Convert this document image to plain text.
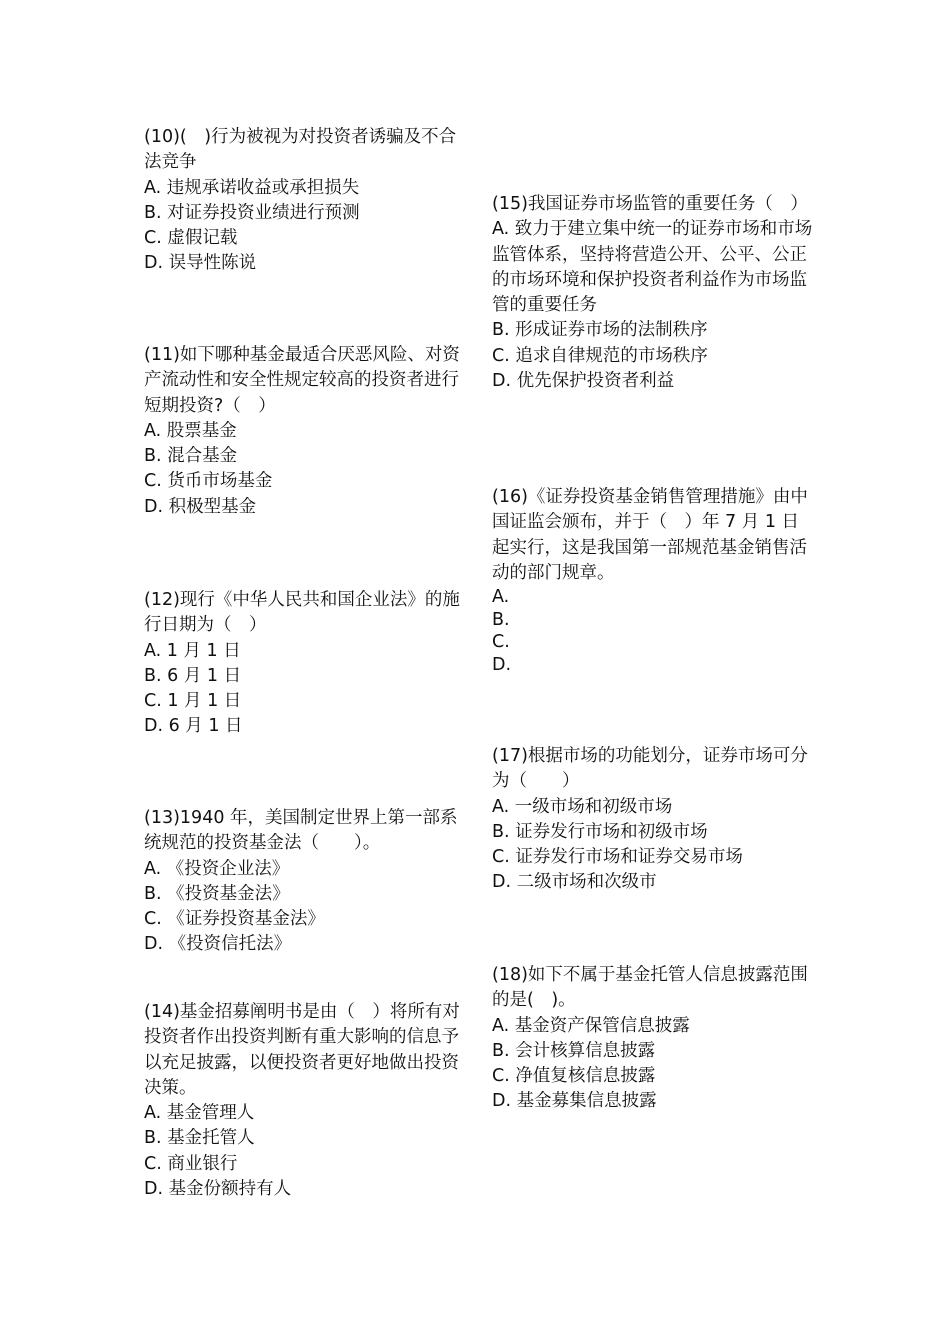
(10)(　)行为被视为对投资者诱骗及不合法竞争

A. 违规承诺收益或承担损失

B. 对证券投资业绩进行预测

C. 虚假记载

D. 误导性陈说

(11)如下哪种基金最适合厌恶风险、对资产流动性和安全性规定较高的投资者进行短期投资?（　）

A. 股票基金

B. 混合基金

C. 货币市场基金

D. 积极型基金

(12)现行《中华人民共和国企业法》的施行日期为（　）

A. 1 月 1 日

B. 6 月 1 日

C. 1 月 1 日

D. 6 月 1 日

(13)1940 年，美国制定世界上第一部系统规范的投资基金法（　　）。

A. 《投资企业法》

B. 《投资基金法》

C. 《证券投资基金法》

D. 《投资信托法》

(14)基金招募阐明书是由（　）将所有对投资者作出投资判断有重大影响的信息予以充足披露，以便投资者更好地做出投资决策。

A. 基金管理人

B. 基金托管人

C. 商业银行

D. 基金份额持有人

(15)我国证券市场监管的重要任务（　）

A. 致力于建立集中统一的证券市场和市场监管体系，坚持将营造公开、公平、公正的市场环境和保护投资者利益作为市场监管的重要任务

B. 形成证券市场的法制秩序

C. 追求自律规范的市场秩序

D. 优先保护投资者利益

(16)《证券投资基金销售管理措施》由中国证监会颁布，并于（　）年 7 月 1 日起实行，这是我国第一部规范基金销售活动的部门规章。

A.

B.

C.

D.

(17)根据市场的功能划分，证券市场可分为（　　）

A. 一级市场和初级市场

B. 证券发行市场和初级市场

C. 证券发行市场和证券交易市场

D. 二级市场和次级市

(18)如下不属于基金托管人信息披露范围的是(　)。

A. 基金资产保管信息披露

B. 会计核算信息披露

C. 净值复核信息披露

D. 基金募集信息披露
